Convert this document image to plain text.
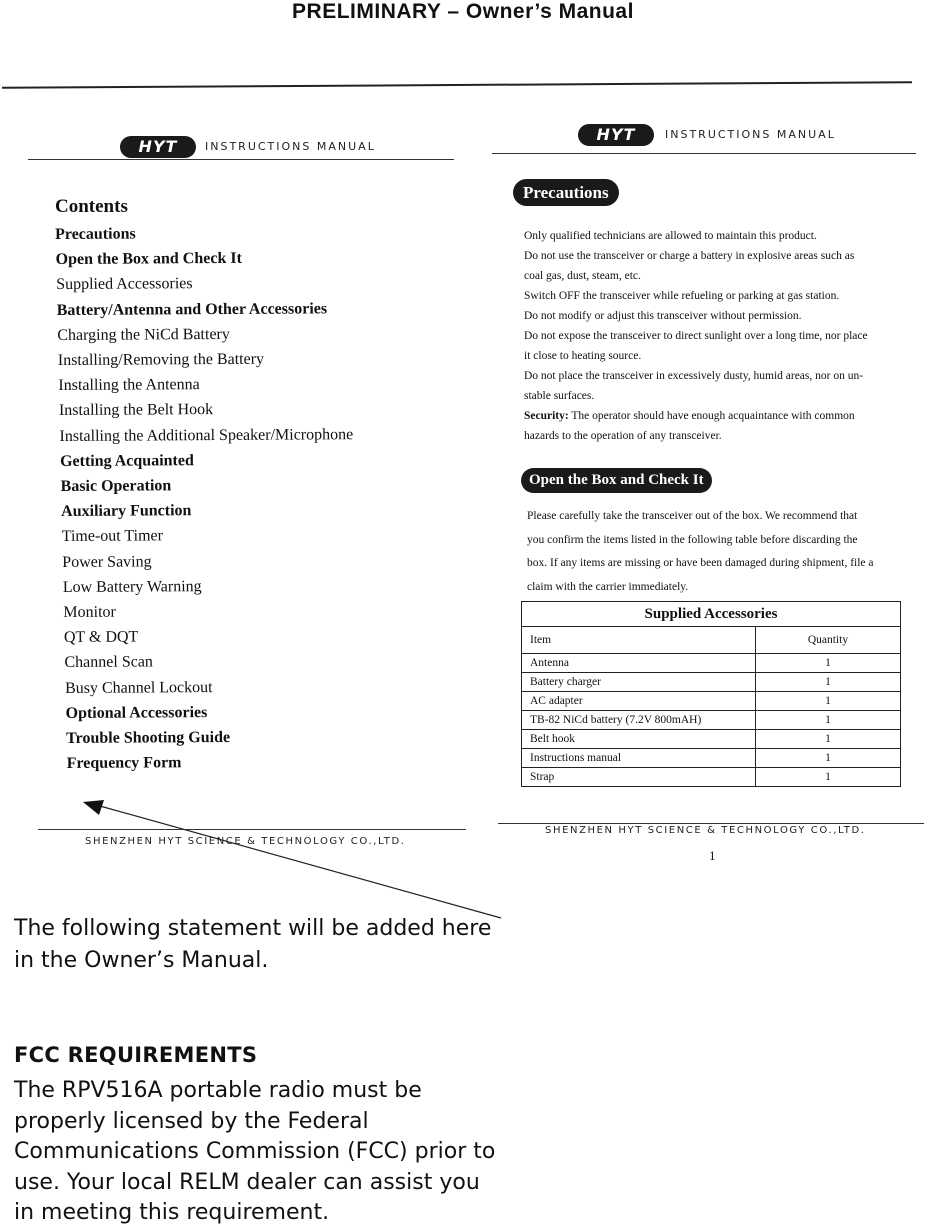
PRELIMINARY – Owner’s Manual
HYT	INSTRUCTIONS MANUAL
Contents
Precautions
Open the Box and Check It
Supplied Accessories
Battery/Antenna and Other Accessories
Charging the NiCd Battery
Installing/Removing the Battery
Installing the Antenna
Installing the Belt Hook
Installing the Additional Speaker/Microphone
Getting Acquainted
Basic Operation
Auxiliary Function
Time-out Timer
Power Saving
Low Battery Warning
Monitor
QT & DQT
Channel Scan
Busy Channel Lockout
Optional Accessories
Trouble Shooting Guide
Frequency Form
SHENZHEN HYT SCIENCE & TECHNOLOGY CO.,LTD.
HYT	INSTRUCTIONS MANUAL
Precautions
Only qualified technicians are allowed to maintain this product.
Do not use the transceiver or charge a battery in explosive areas such as
coal gas, dust, steam, etc.
Switch OFF the transceiver while refueling or parking at gas station.
Do not modify or adjust this transceiver without permission.
Do not expose the transceiver to direct sunlight over a long time, nor place
it close to heating source.
Do not place the transceiver in excessively dusty, humid areas, nor on un-
stable surfaces.
Security: The operator should have enough acquaintance with common
hazards to the operation of any transceiver.
Open the Box and Check It
Please carefully take the transceiver out of the box. We recommend that
you confirm the items listed in the following table before discarding the
box. If any items are missing or have been damaged during shipment, file a
claim with the carrier immediately.
Supplied Accessories	
Item	Quantity
Antenna	1
Battery charger	1
AC adapter	1
TB-82 NiCd battery (7.2V 800mAH)	1
Belt hook	1
Instructions manual	1
Strap	1
SHENZHEN HYT SCIENCE & TECHNOLOGY CO.,LTD.
1
The following statement will be added here
in the Owner’s Manual.
FCC REQUIREMENTS
The RPV516A portable radio must be
properly licensed by the Federal
Communications Commission (FCC) prior to
use. Your local RELM dealer can assist you
in meeting this requirement.
